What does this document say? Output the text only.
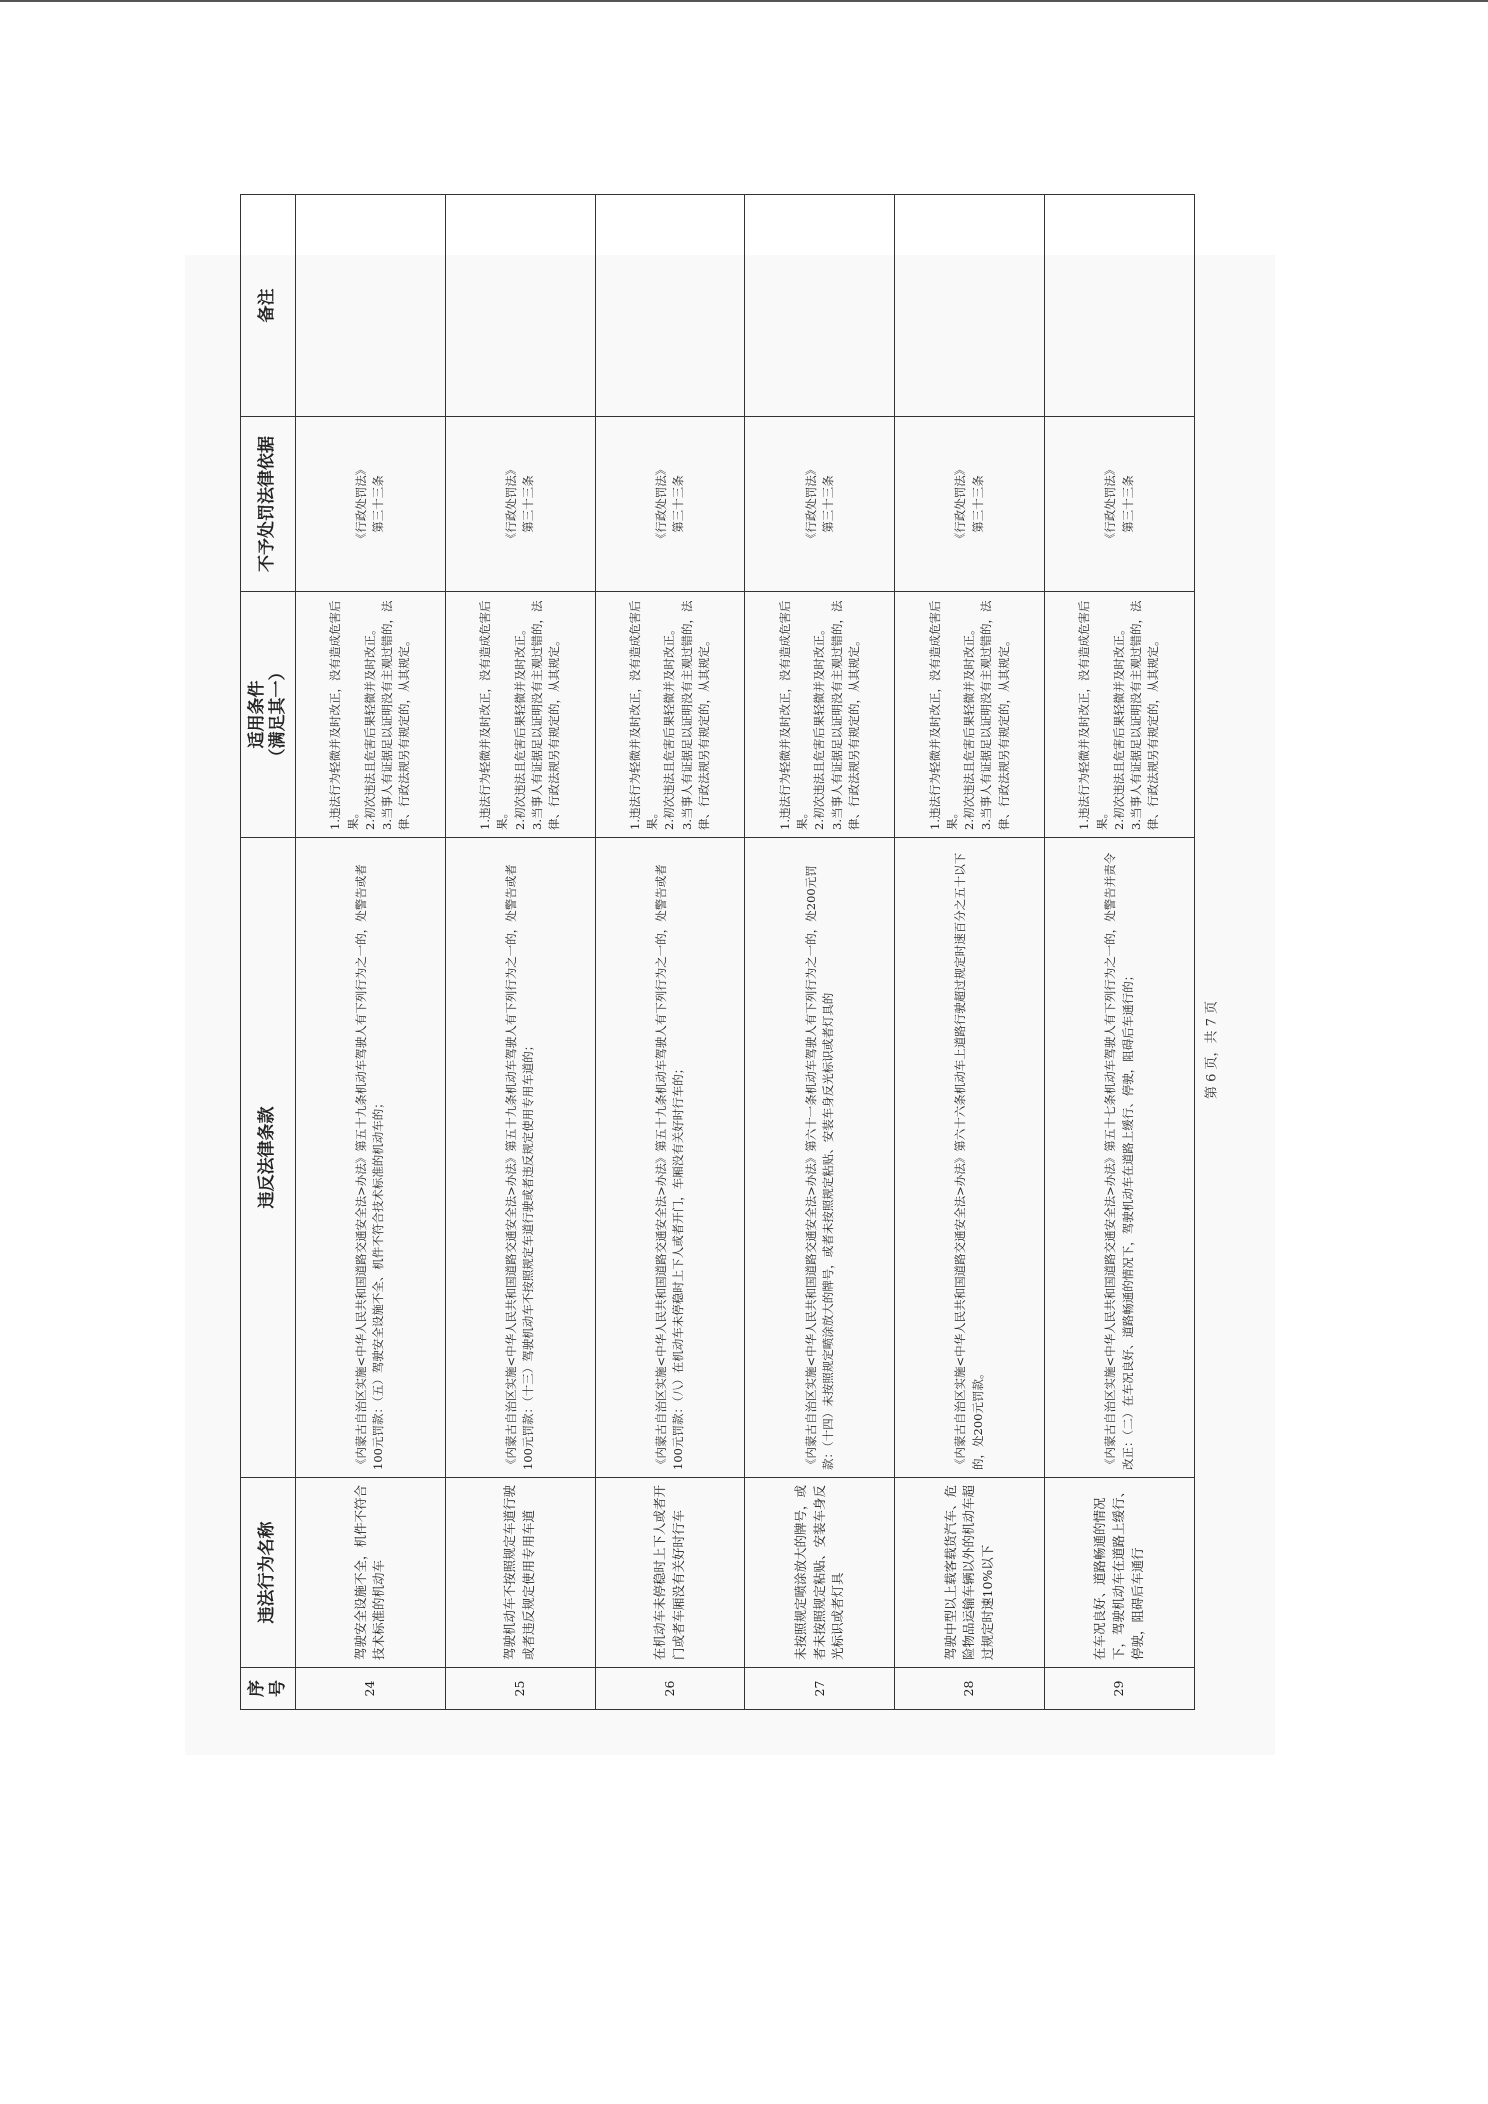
序号	违法行为名称	违反法律条款	适用条件 （满足其一）	不予处罚法律依据	备注
24	驾驶安全设施不全，机件不符合技术标准的机动车	《内蒙古自治区实施<中华人民共和国道路交通安全法>办法》第五十九条机动车驾驶人有下列行为之一的，处警告或者100元罚款：（五）驾驶安全设施不全、机件不符合技术标准的机动车的；	1.违法行为轻微并及时改正，没有造成危害后果。 2.初次违法且危害后果轻微并及时改正。 3.当事人有证据足以证明没有主观过错的，法律、行政法规另有规定的，从其规定。	《行政处罚法》 第三十三条	

25	驾驶机动车不按照规定车道行驶或者违反规定使用专用车道	《内蒙古自治区实施<中华人民共和国道路交通安全法>办法》第五十九条机动车驾驶人有下列行为之一的，处警告或者100元罚款：（十三）驾驶机动车不按照规定车道行驶或者违反规定使用专用车道的；	1.违法行为轻微并及时改正，没有造成危害后果。 2.初次违法且危害后果轻微并及时改正。 3.当事人有证据足以证明没有主观过错的，法律、行政法规另有规定的，从其规定。	《行政处罚法》 第三十三条	

26	在机动车未停稳时上下人或者开门或者车厢没有关好时行车	《内蒙古自治区实施<中华人民共和国道路交通安全法>办法》第五十九条机动车驾驶人有下列行为之一的，处警告或者100元罚款：（八）在机动车未停稳时上下人或者开门，车厢没有关好时行车的；	1.违法行为轻微并及时改正，没有造成危害后果。 2.初次违法且危害后果轻微并及时改正。 3.当事人有证据足以证明没有主观过错的，法律、行政法规另有规定的，从其规定。	《行政处罚法》 第三十三条	

27	未按照规定喷涂放大的牌号，或者未按照规定粘贴、安装车身反光标识或者灯具	《内蒙古自治区实施<中华人民共和国道路交通安全法>办法》第六十一条机动车驾驶人有下列行为之一的，处200元罚款：（十四）未按照规定喷涂放大的牌号，或者未按照规定粘贴、安装车身反光标识或者灯具的	1.违法行为轻微并及时改正，没有造成危害后果。 2.初次违法且危害后果轻微并及时改正。 3.当事人有证据足以证明没有主观过错的，法律、行政法规另有规定的，从其规定。	《行政处罚法》 第三十三条	

28	驾驶中型以上载客载货汽车、危险物品运输车辆以外的机动车超过规定时速10%以下	《内蒙古自治区实施<中华人民共和国道路交通安全法>办法》第六十六条机动车上道路行驶超过规定时速百分之五十以下的，处200元罚款。	1.违法行为轻微并及时改正，没有造成危害后果。 2.初次违法且危害后果轻微并及时改正。 3.当事人有证据足以证明没有主观过错的，法律、行政法规另有规定的，从其规定。	《行政处罚法》 第三十三条	

29	在车况良好、道路畅通的情况下，驾驶机动车在道路上缓行、停驶，阻碍后车通行	《内蒙古自治区实施<中华人民共和国道路交通安全法>办法》第五十七条机动车驾驶人有下列行为之一的，处警告并责令改正：（二）在车况良好、道路畅通的情况下，驾驶机动车在道路上缓行、停驶，阻碍后车通行的；	1.违法行为轻微并及时改正，没有造成危害后果。 2.初次违法且危害后果轻微并及时改正。 3.当事人有证据足以证明没有主观过错的，法律、行政法规另有规定的，从其规定。	《行政处罚法》 第三十三条	

第 6 页，共 7 页
